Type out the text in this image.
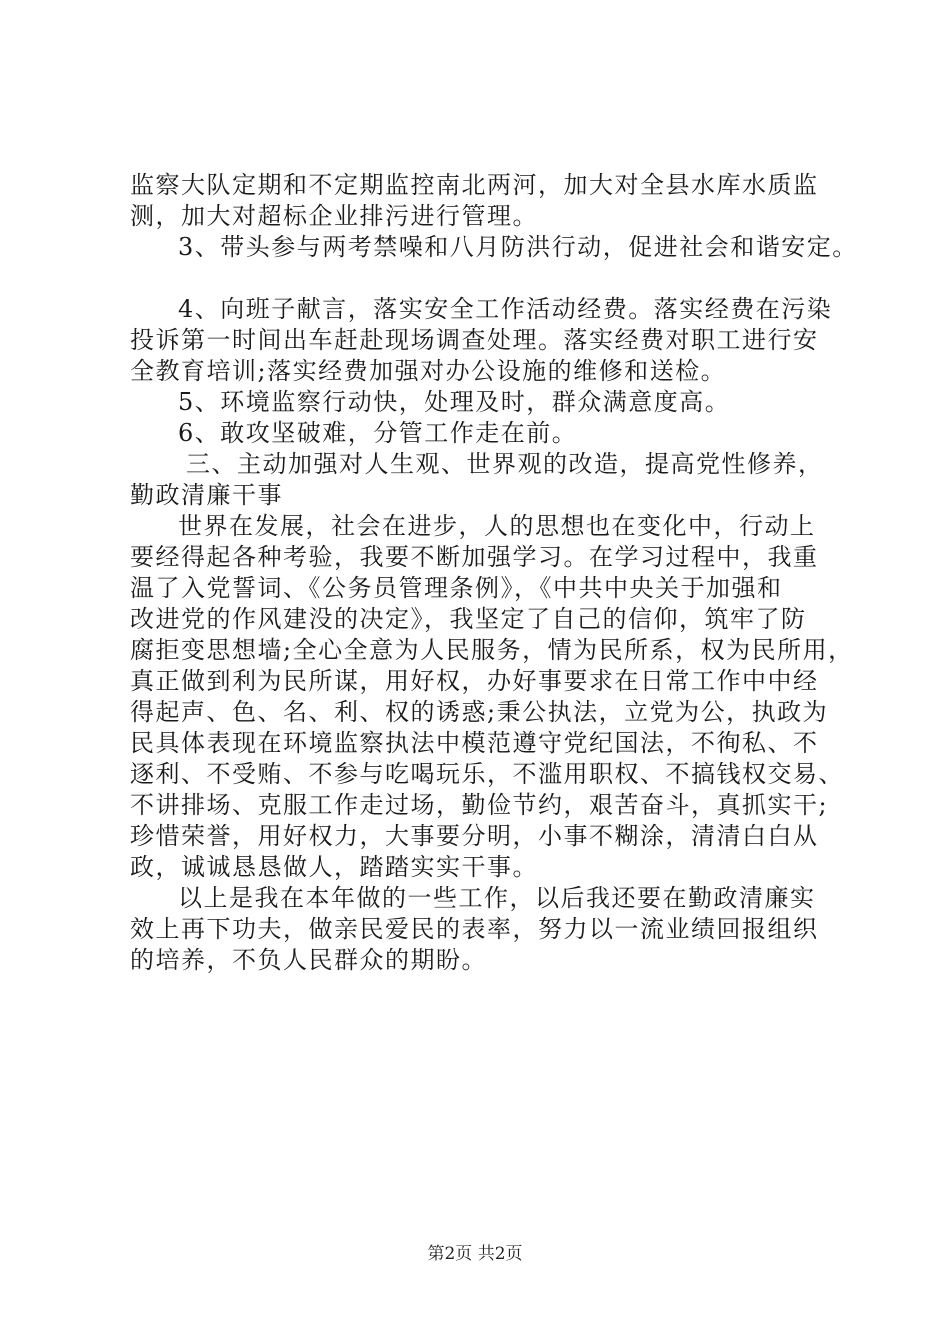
监察大队定期和不定期监控南北两河，加大对全县水库水质监
测，加大对超标企业排污进行管理。
3、带头参与两考禁噪和八月防洪行动，促进社会和谐安定。
4、向班子献言，落实安全工作活动经费。落实经费在污染
投诉第一时间出车赶赴现场调查处理。落实经费对职工进行安
全教育培训;落实经费加强对办公设施的维修和送检。
5、环境监察行动快，处理及时，群众满意度高。
6、敢攻坚破难，分管工作走在前。
三、主动加强对人生观、世界观的改造，提高党性修养，
勤政清廉干事
世界在发展，社会在进步，人的思想也在变化中，行动上
要经得起各种考验，我要不断加强学习。在学习过程中，我重
温了入党誓词、《公务员管理条例》，《中共中央关于加强和
改进党的作风建没的决定》，我坚定了自己的信仰，筑牢了防
腐拒变思想墙;全心全意为人民服务，情为民所系，权为民所用，
真正做到利为民所谋，用好权，办好事要求在日常工作中中经
得起声、色、名、利、权的诱惑;秉公执法，立党为公，执政为
民具体表现在环境监察执法中模范遵守党纪国法，不徇私、不
逐利、不受贿、不参与吃喝玩乐，不滥用职权、不搞钱权交易、
不讲排场、克服工作走过场，勤俭节约，艰苦奋斗，真抓实干;
珍惜荣誉，用好权力，大事要分明，小事不糊涂，清清白白从
政，诚诚恳恳做人，踏踏实实干事。
以上是我在本年做的一些工作，以后我还要在勤政清廉实
效上再下功夫，做亲民爱民的表率，努力以一流业绩回报组织
的培养，不负人民群众的期盼。
第2页 共2页
